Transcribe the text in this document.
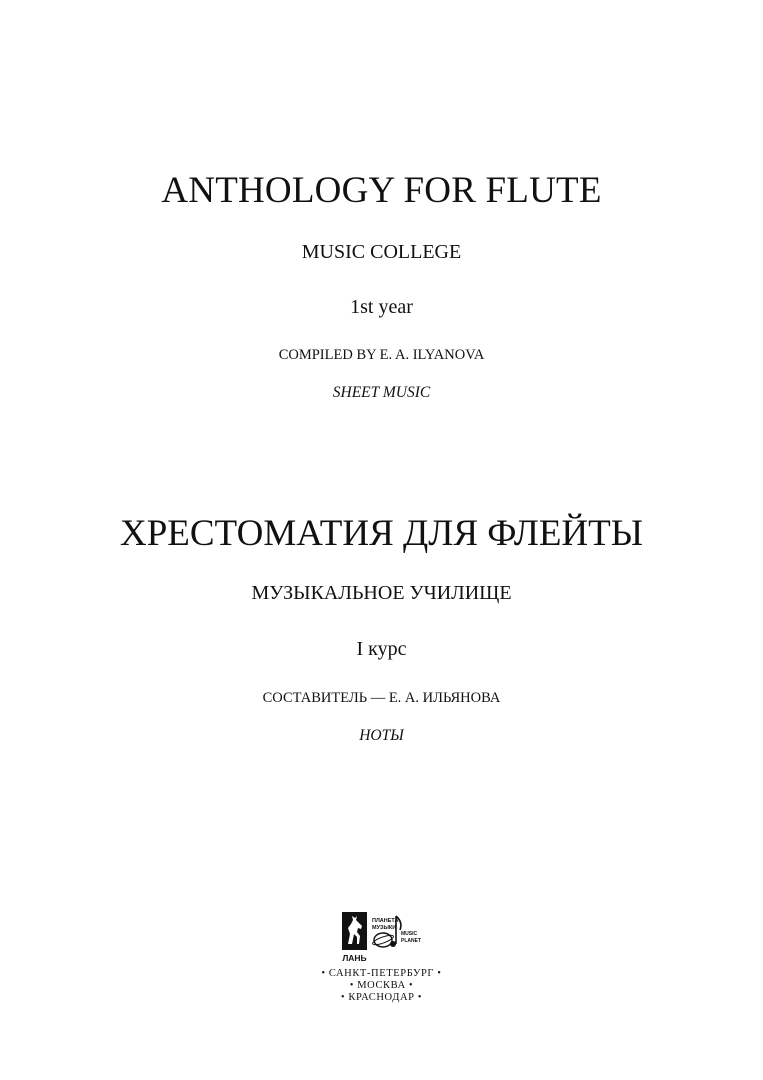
ANTHOLOGY FOR FLUTE
MUSIC COLLEGE
1st year
COMPILED BY E. A. ILYANOVA
SHEET MUSIC
ХРЕСТОМАТИЯ ДЛЯ ФЛЕЙТЫ
МУЗЫКАЛЬНОЕ УЧИЛИЩЕ
I курс
СОСТАВИТЕЛЬ — Е. А. ИЛЬЯНОВА
НОТЫ
ЛАНЬ
ПЛАНЕТА
МУЗЫКИ
MUSIC
PLANET
• САНКТ-ПЕТЕРБУРГ •
• МОСКВА •
• КРАСНОДАР •
